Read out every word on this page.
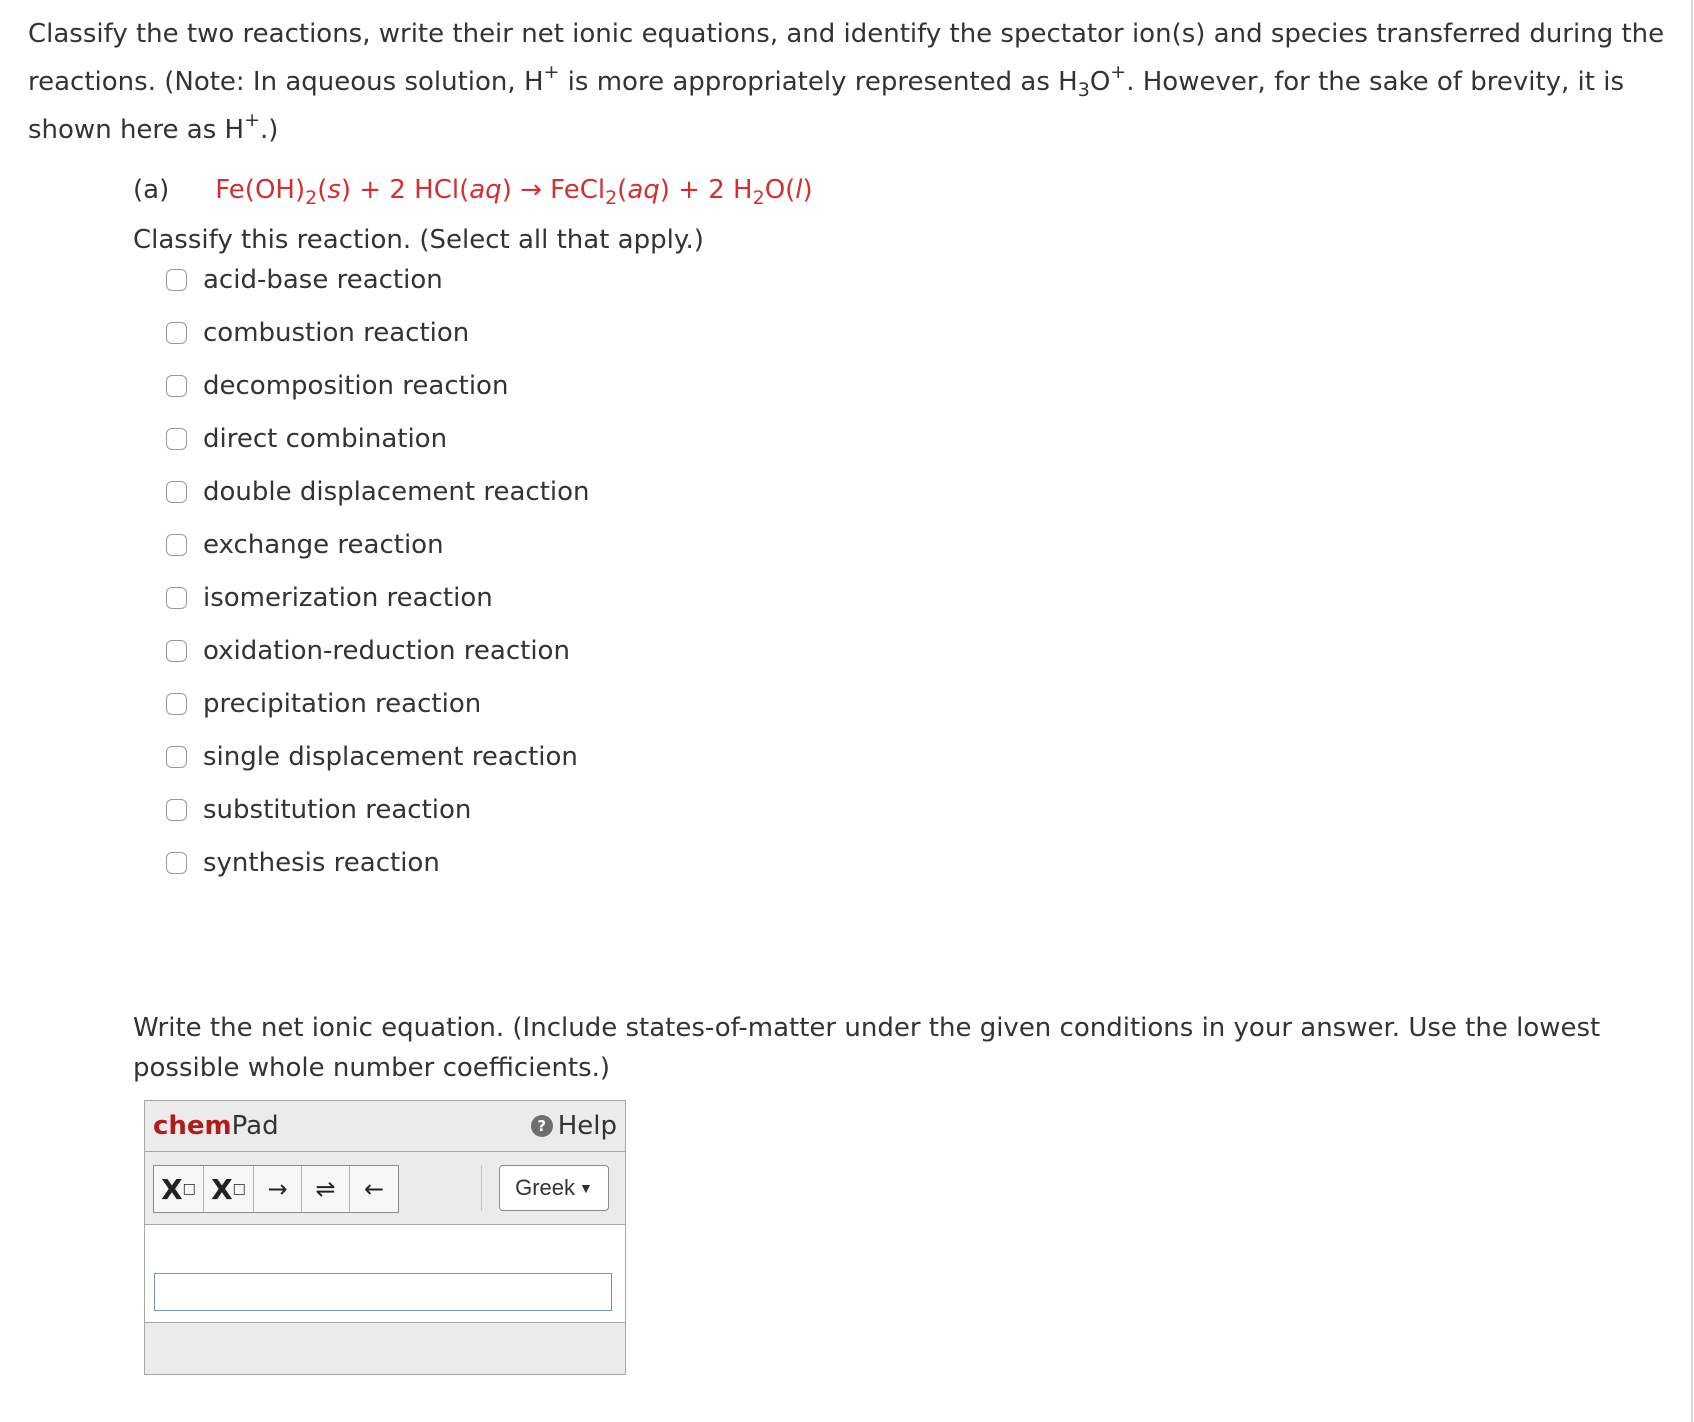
Classify the two reactions, write their net ionic equations, and identify the spectator ion(s) and species transferred during the reactions. (Note: In aqueous solution, H+ is more appropriately represented as $H_3O^+$. However, for the sake of brevity, it is shown here as H+.)
(a) $Fe(OH)_2(s) + 2$ HCl(aq) → FeCl$_2$(aq) + 2 $H_2O(l)$
Classify this reaction. (Select all that apply.)
acid-base reaction
combustion reaction
decomposition reaction
direct combination
double displacement reaction
exchange reaction
isomerization reaction
oxidation-reduction reaction
precipitation reaction
single displacement reaction
substitution reaction
synthesis reaction
Write the net ionic equation. (Include states-of-matter under the given conditions in your answer. Use the lowest possible whole number coefficients.)
chemPad	? Help
X □ X □ →	⇌	←	Greek ▼
